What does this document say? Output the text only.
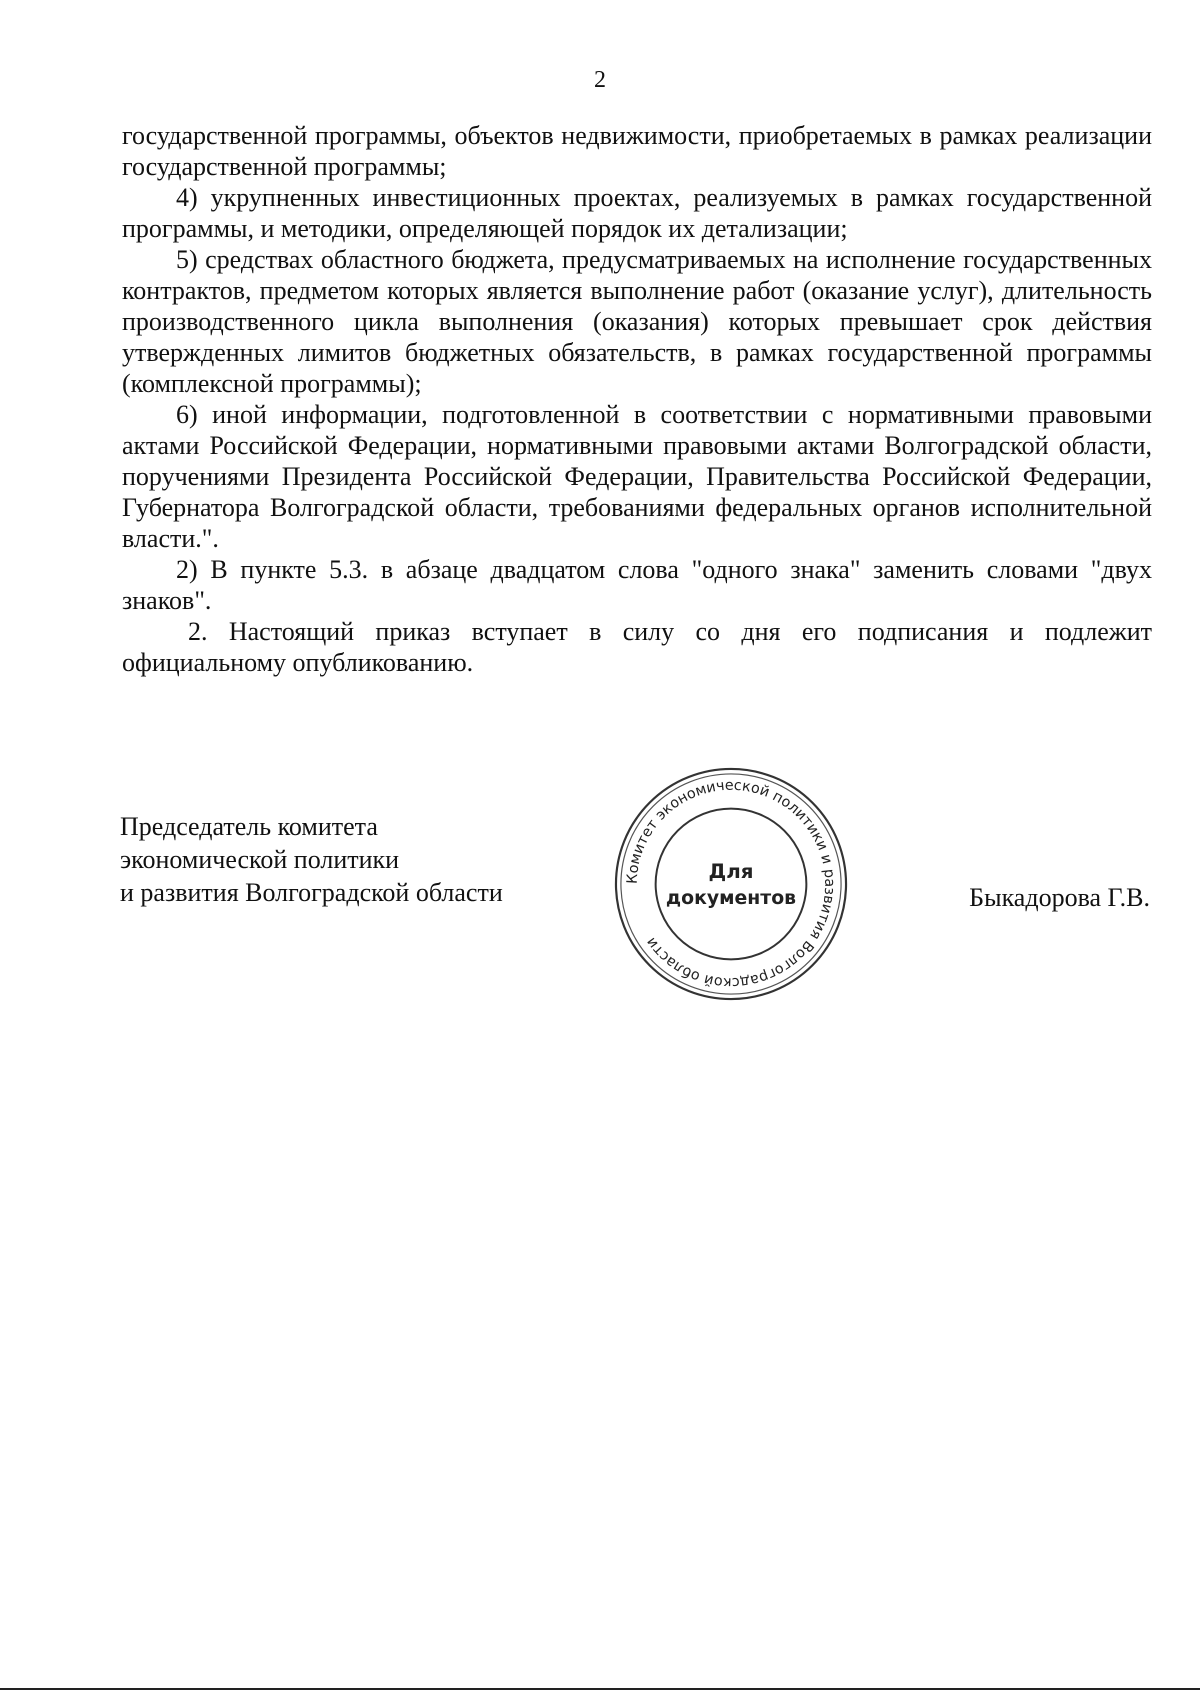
2

государственной программы, объектов недвижимости, приобретаемых в рамках реализации государственной программы;

4) укрупненных инвестиционных проектах, реализуемых в рамках государственной программы, и методики, определяющей порядок их детализации;

5) средствах областного бюджета, предусматриваемых на исполнение государственных контрактов, предметом которых является выполнение работ (оказание услуг), длительность производственного цикла выполнения (оказания) которых превышает срок действия утвержденных лимитов бюджетных обязательств, в рамках государственной программы (комплексной программы);

6) иной информации, подготовленной в соответствии с нормативными правовыми актами Российской Федерации, нормативными правовыми актами Волгоградской области, поручениями Президента Российской Федерации, Правительства Российской Федерации, Губернатора Волгоградской области, требованиями федеральных органов исполнительной власти.".

2) В пункте 5.3. в абзаце двадцатом слова "одного знака" заменить словами "двух знаков".

2. Настоящий приказ вступает в силу со дня его подписания и подлежит официальному опубликованию.

Председатель комитета
экономической политики
и развития Волгоградской области	Комитет экономической политики и развития Волгоградской области
Для
документов	Быкадорова Г.В.
